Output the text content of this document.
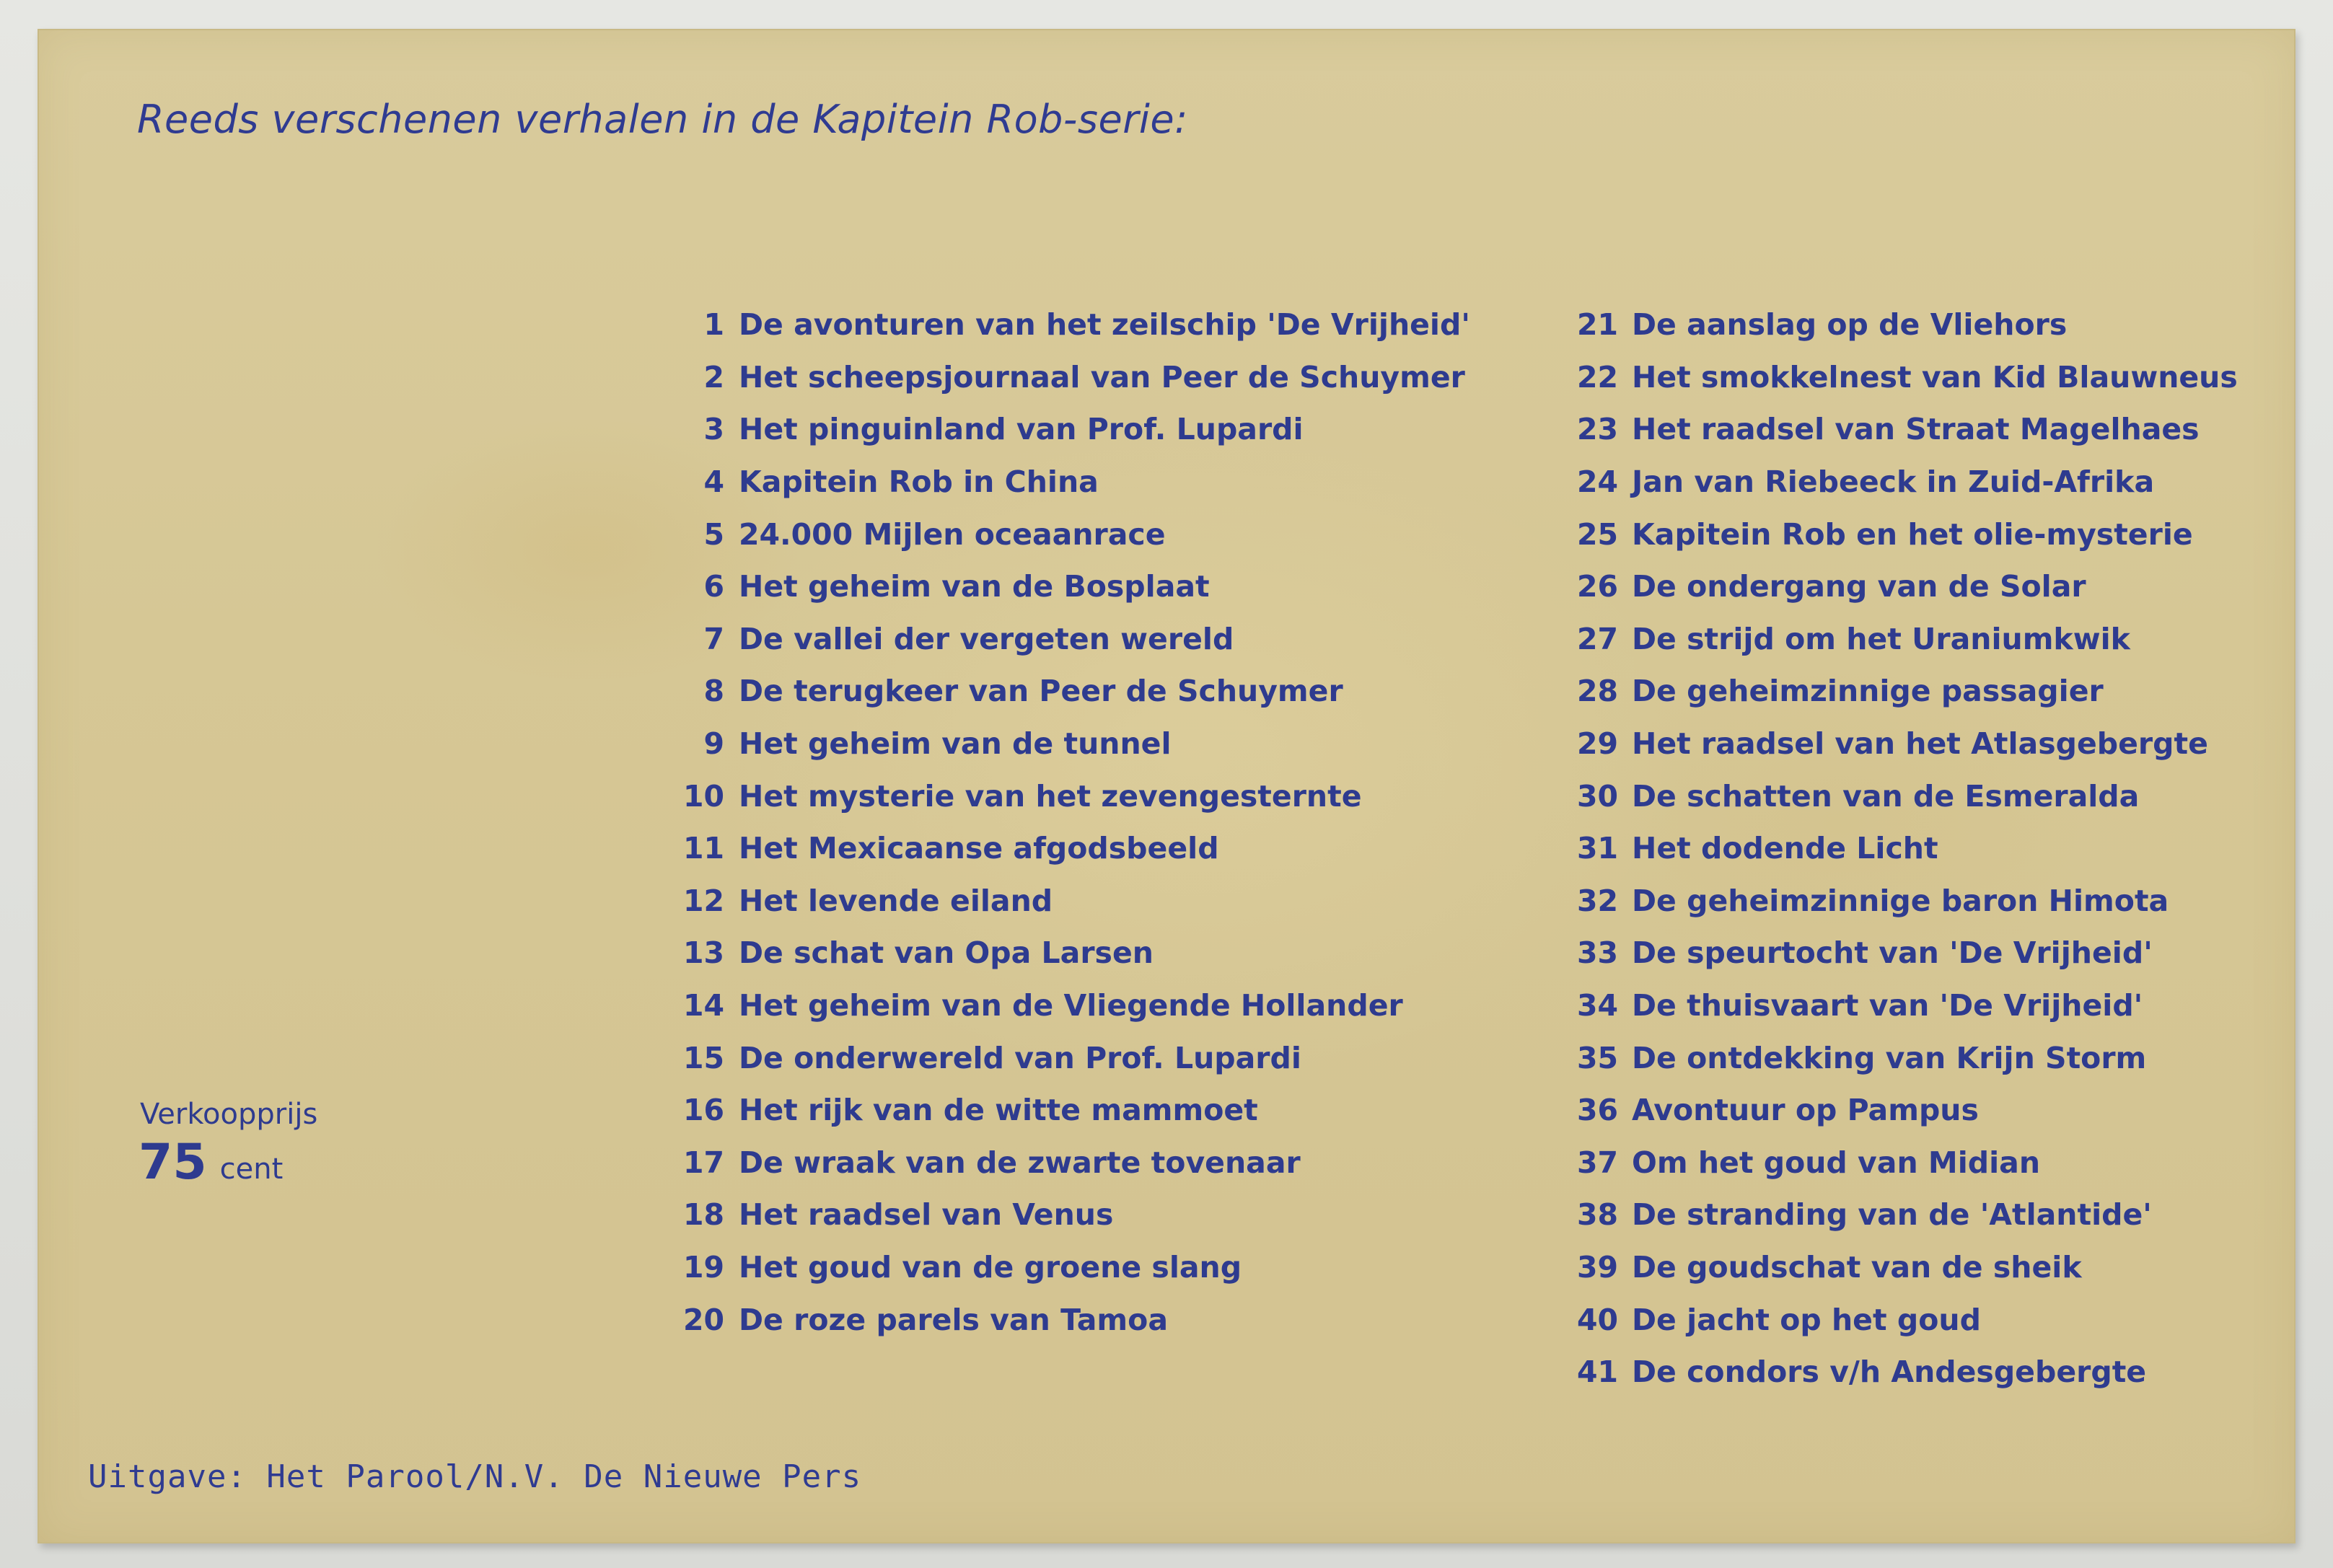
Reeds verschenen verhalen in de Kapitein Rob-serie:
1 De avonturen van het zeilschip 'De Vrijheid'
2 Het scheepsjournaal van Peer de Schuymer
3 Het pinguinland van Prof. Lupardi
4 Kapitein Rob in China
5 24.000 Mijlen oceaanrace
6 Het geheim van de Bosplaat
7 De vallei der vergeten wereld
8 De terugkeer van Peer de Schuymer
9 Het geheim van de tunnel
10 Het mysterie van het zevengesternte
11 Het Mexicaanse afgodsbeeld
12 Het levende eiland
13 De schat van Opa Larsen
14 Het geheim van de Vliegende Hollander
15 De onderwereld van Prof. Lupardi
16 Het rijk van de witte mammoet
17 De wraak van de zwarte tovenaar
18 Het raadsel van Venus
19 Het goud van de groene slang
20 De roze parels van Tamoa
21 De aanslag op de Vliehors
22 Het smokkelnest van Kid Blauwneus
23 Het raadsel van Straat Magelhaes
24 Jan van Riebeeck in Zuid-Afrika
25 Kapitein Rob en het olie-mysterie
26 De ondergang van de Solar
27 De strijd om het Uraniumkwik
28 De geheimzinnige passagier
29 Het raadsel van het Atlasgebergte
30 De schatten van de Esmeralda
31 Het dodende Licht
32 De geheimzinnige baron Himota
33 De speurtocht van 'De Vrijheid'
34 De thuisvaart van 'De Vrijheid'
35 De ontdekking van Krijn Storm
36 Avontuur op Pampus
37 Om het goud van Midian
38 De stranding van de 'Atlantide'
39 De goudschat van de sheik
40 De jacht op het goud
41 De condors v/h Andesgebergte
Verkoopprijs
75 cent
Uitgave: Het Parool/N.V. De Nieuwe Pers
